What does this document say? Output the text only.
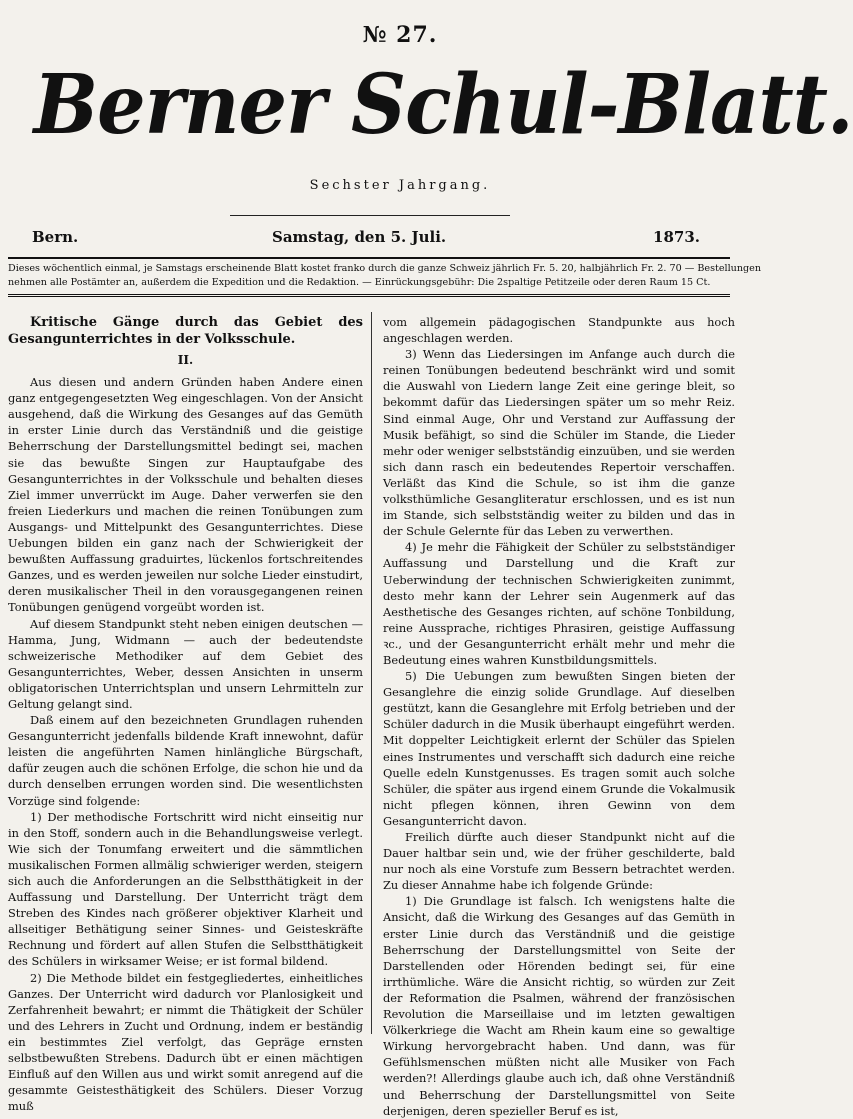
№ 27.
Berner Schul-Blatt.
Sechster Jahrgang.
Bern.	Samstag, den 5. Juli.	1873.
Dieses wöchentlich einmal, je Samstags erscheinende Blatt kostet franko durch die ganze Schweiz jährlich Fr. 5. 20, halbjährlich Fr. 2. 70 — Bestellungen
nehmen alle Postämter an, außerdem die Expedition und die Redaktion. — Einrückungsgebühr: Die 2spaltige Petitzeile oder deren Raum 15 Ct.

Kritische Gänge durch das Gebiet des Gesangunterrichtes in der Volksschule.

II.

Aus diesen und andern Gründen haben Andere einen ganz entgegengesetzten Weg eingeschlagen. Von der Ansicht ausgehend, daß die Wirkung des Gesanges auf das Gemüth in erster Linie durch das Verständniß und die geistige Beherrschung der Darstellungsmittel bedingt sei, machen sie das bewußte Singen zur Hauptaufgabe des Gesangunterrichtes in der Volksschule und behalten dieses Ziel immer unverrückt im Auge. Daher verwerfen sie den freien Liederkurs und machen die reinen Tonübungen zum Ausgangs- und Mittelpunkt des Gesangunterrichtes. Diese Uebungen bilden ein ganz nach der Schwierigkeit der bewußten Auffassung graduirtes, lückenlos fortschreitendes Ganzes, und es werden jeweilen nur solche Lieder einstudirt, deren musikalischer Theil in den vorausgegangenen reinen Tonübungen genügend vorgeübt worden ist.

Auf diesem Standpunkt steht neben einigen deutschen — Hamma, Jung, Widmann — auch der bedeutendste schweizerische Methodiker auf dem Gebiet des Gesangunterrichtes, Weber, dessen Ansichten in unserm obligatorischen Unterrichtsplan und unsern Lehrmitteln zur Geltung gelangt sind.

Daß einem auf den bezeichneten Grundlagen ruhenden Gesangunterricht jedenfalls bildende Kraft innewohnt, dafür leisten die angeführten Namen hinlängliche Bürgschaft, dafür zeugen auch die schönen Erfolge, die schon hie und da durch denselben errungen worden sind. Die wesentlichsten Vorzüge sind folgende:

1) Der methodische Fortschritt wird nicht einseitig nur in den Stoff, sondern auch in die Behandlungsweise verlegt. Wie sich der Tonumfang erweitert und die sämmtlichen musikalischen Formen allmälig schwieriger werden, steigern sich auch die Anforderungen an die Selbstthätigkeit in der Auffassung und Darstellung. Der Unterricht trägt dem Streben des Kindes nach größerer objektiver Klarheit und allseitiger Bethätigung seiner Sinnes- und Geisteskräfte Rechnung und fördert auf allen Stufen die Selbstthätigkeit des Schülers in wirksamer Weise; er ist formal bildend.

2) Die Methode bildet ein festgegliedertes, einheitliches Ganzes. Der Unterricht wird dadurch vor Planlosigkeit und Zerfahrenheit bewahrt; er nimmt die Thätigkeit der Schüler und des Lehrers in Zucht und Ordnung, indem er beständig ein bestimmtes Ziel verfolgt, das Gepräge ernsten selbstbewußten Strebens. Dadurch übt er einen mächtigen Einfluß auf den Willen aus und wirkt somit anregend auf die gesammte Geistesthätigkeit des Schülers. Dieser Vorzug muß

vom allgemein pädagogischen Standpunkte aus hoch angeschlagen werden.

3) Wenn das Liedersingen im Anfange auch durch die reinen Tonübungen bedeutend beschränkt wird und somit die Auswahl von Liedern lange Zeit eine geringe bleit, so bekommt dafür das Liedersingen später um so mehr Reiz. Sind einmal Auge, Ohr und Verstand zur Auffassung der Musik befähigt, so sind die Schüler im Stande, die Lieder mehr oder weniger selbstständig einzuüben, und sie werden sich dann rasch ein bedeutendes Repertoir verschaffen. Verläßt das Kind die Schule, so ist ihm die ganze volksthümliche Gesangliteratur erschlossen, und es ist nun im Stande, sich selbstständig weiter zu bilden und das in der Schule Gelernte für das Leben zu verwerthen.

4) Je mehr die Fähigkeit der Schüler zu selbstständiger Auffassung und Darstellung und die Kraft zur Ueberwindung der technischen Schwierigkeiten zunimmt, desto mehr kann der Lehrer sein Augenmerk auf das Aesthetische des Gesanges richten, auf schöne Tonbildung, reine Aussprache, richtiges Phrasiren, geistige Auffassung ꝛc., und der Gesangunterricht erhält mehr und mehr die Bedeutung eines wahren Kunstbildungsmittels.

5) Die Uebungen zum bewußten Singen bieten der Gesanglehre die einzig solide Grundlage. Auf dieselben gestützt, kann die Gesanglehre mit Erfolg betrieben und der Schüler dadurch in die Musik überhaupt eingeführt werden. Mit doppelter Leichtigkeit erlernt der Schüler das Spielen eines Instrumentes und verschafft sich dadurch eine reiche Quelle edeln Kunstgenusses. Es tragen somit auch solche Schüler, die später aus irgend einem Grunde die Vokalmusik nicht pflegen können, ihren Gewinn von dem Gesangunterricht davon.

Freilich dürfte auch dieser Standpunkt nicht auf die Dauer haltbar sein und, wie der früher geschilderte, bald nur noch als eine Vorstufe zum Bessern betrachtet werden. Zu dieser Annahme habe ich folgende Gründe:

1) Die Grundlage ist falsch. Ich wenigstens halte die Ansicht, daß die Wirkung des Gesanges auf das Gemüth in erster Linie durch das Verständniß und die geistige Beherrschung der Darstellungsmittel von Seite der Darstellenden oder Hörenden bedingt sei, für eine irrthümliche. Wäre die Ansicht richtig, so würden zur Zeit der Reformation die Psalmen, während der französischen Revolution die Marseillaise und im letzten gewaltigen Völkerkriege die Wacht am Rhein kaum eine so gewaltige Wirkung hervorgebracht haben. Und dann, was für Gefühlsmenschen müßten nicht alle Musiker von Fach werden?! Allerdings glaube auch ich, daß ohne Verständniß und Beherrschung der Darstellungsmittel von Seite derjenigen, deren spezieller Beruf es ist,
